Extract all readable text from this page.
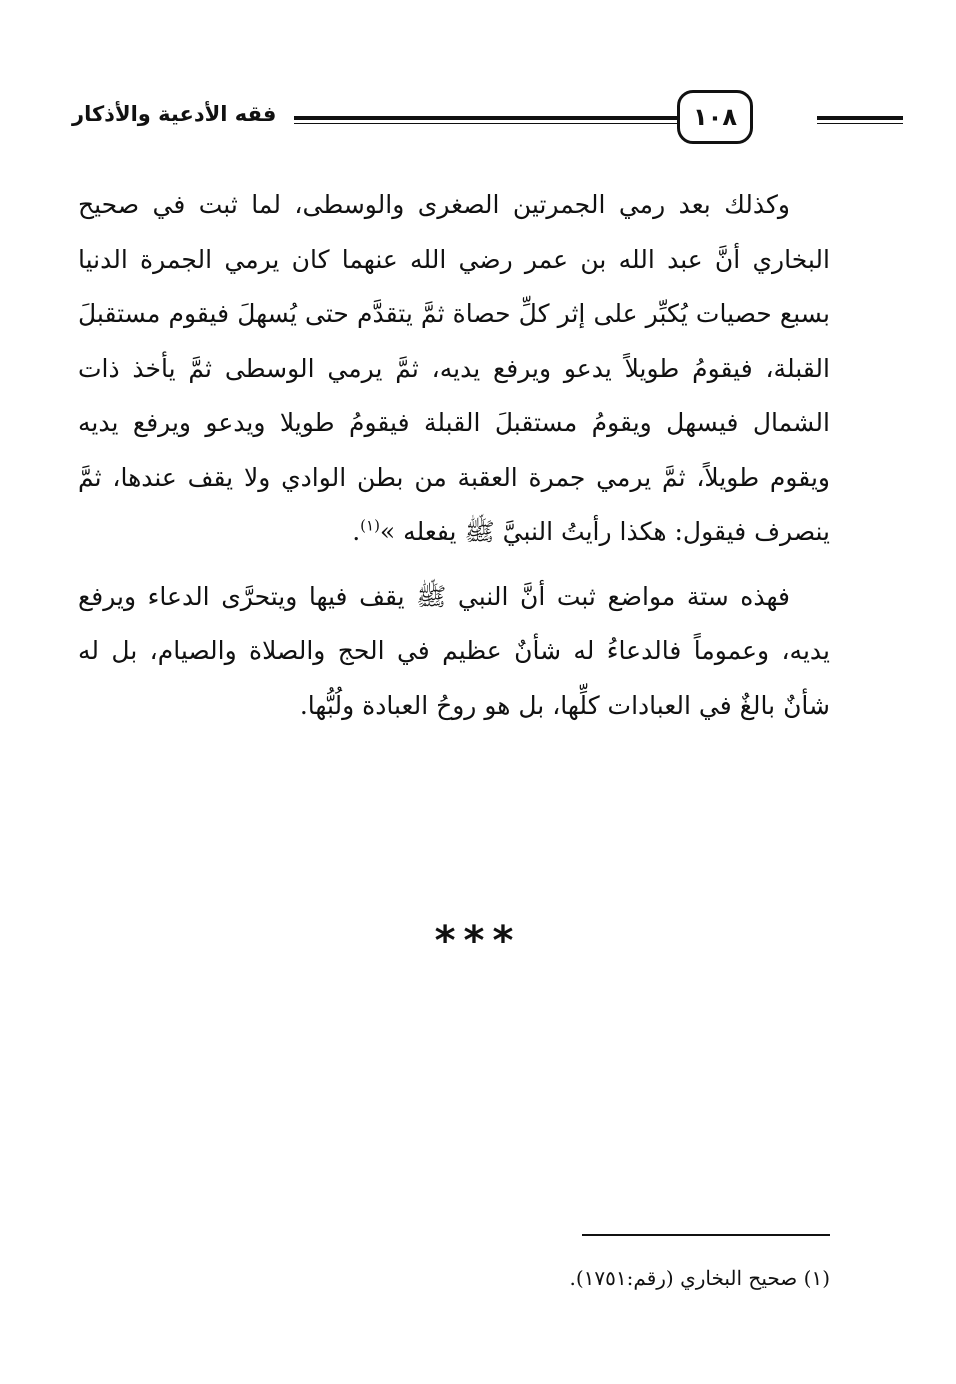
فقه الأدعية والأذكار	١٠٨

وكذلك بعد رمي الجمرتين الصغرى والوسطى، لما ثبت في صحيح البخاري أنَّ عبد الله بن عمر رضي الله عنهما كان يرمي الجمرة الدنيا بسبع حصيات يُكبِّر على إثر كلِّ حصاة ثمَّ يتقدَّم حتى يُسهلَ فيقوم مستقبلَ القبلة، فيقومُ طويلاً يدعو ويرفع يديه، ثمَّ يرمي الوسطى ثمَّ يأخذ ذات الشمال فيسهل ويقومُ مستقبلَ القبلة فيقومُ طويلا ويدعو ويرفع يديه ويقوم طويلاً، ثمَّ يرمي جمرة العقبة من بطن الوادي ولا يقف عندها، ثمَّ ينصرف فيقول: هكذا رأيتُ النبيَّ ﷺ يفعله »$^{(١)}$.

فهذه ستة مواضع ثبت أنَّ النبي ﷺ يقف فيها ويتحرَّى الدعاء ويرفع يديه، وعموماً فالدعاءُ له شأنٌ عظيم في الحج والصلاة والصيام، بل له شأنٌ بالغٌ في العبادات كلِّها، بل هو روحُ العبادة ولُبُّها.

***
(١) صحيح البخاري (رقم:١٧٥١).
